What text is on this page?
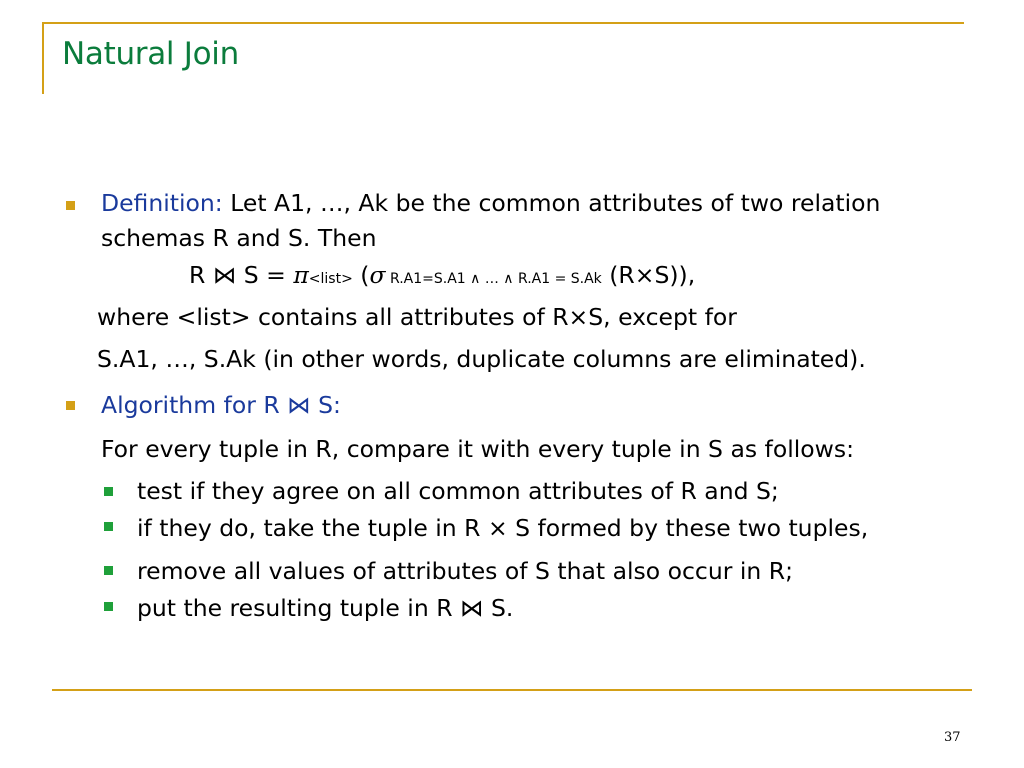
Natural Join
Definition: Let A1, …, Ak be the common attributes of two relation
schemas R and S. Then
R ⋈ S = π<list> (σ R.A1=S.A1 ∧ … ∧ R.A1 = S.Ak (R×S)),
where <list> contains all attributes of R×S, except for
S.A1, …, S.Ak (in other words, duplicate columns are eliminated).
Algorithm for R ⋈ S:
For every tuple in R, compare it with every tuple in S as follows:
test if they agree on all common attributes of R and S;
if they do, take the tuple in R × S formed by these two tuples,
remove all values of attributes of S that also occur in R;
put the resulting tuple in R ⋈ S.
37
